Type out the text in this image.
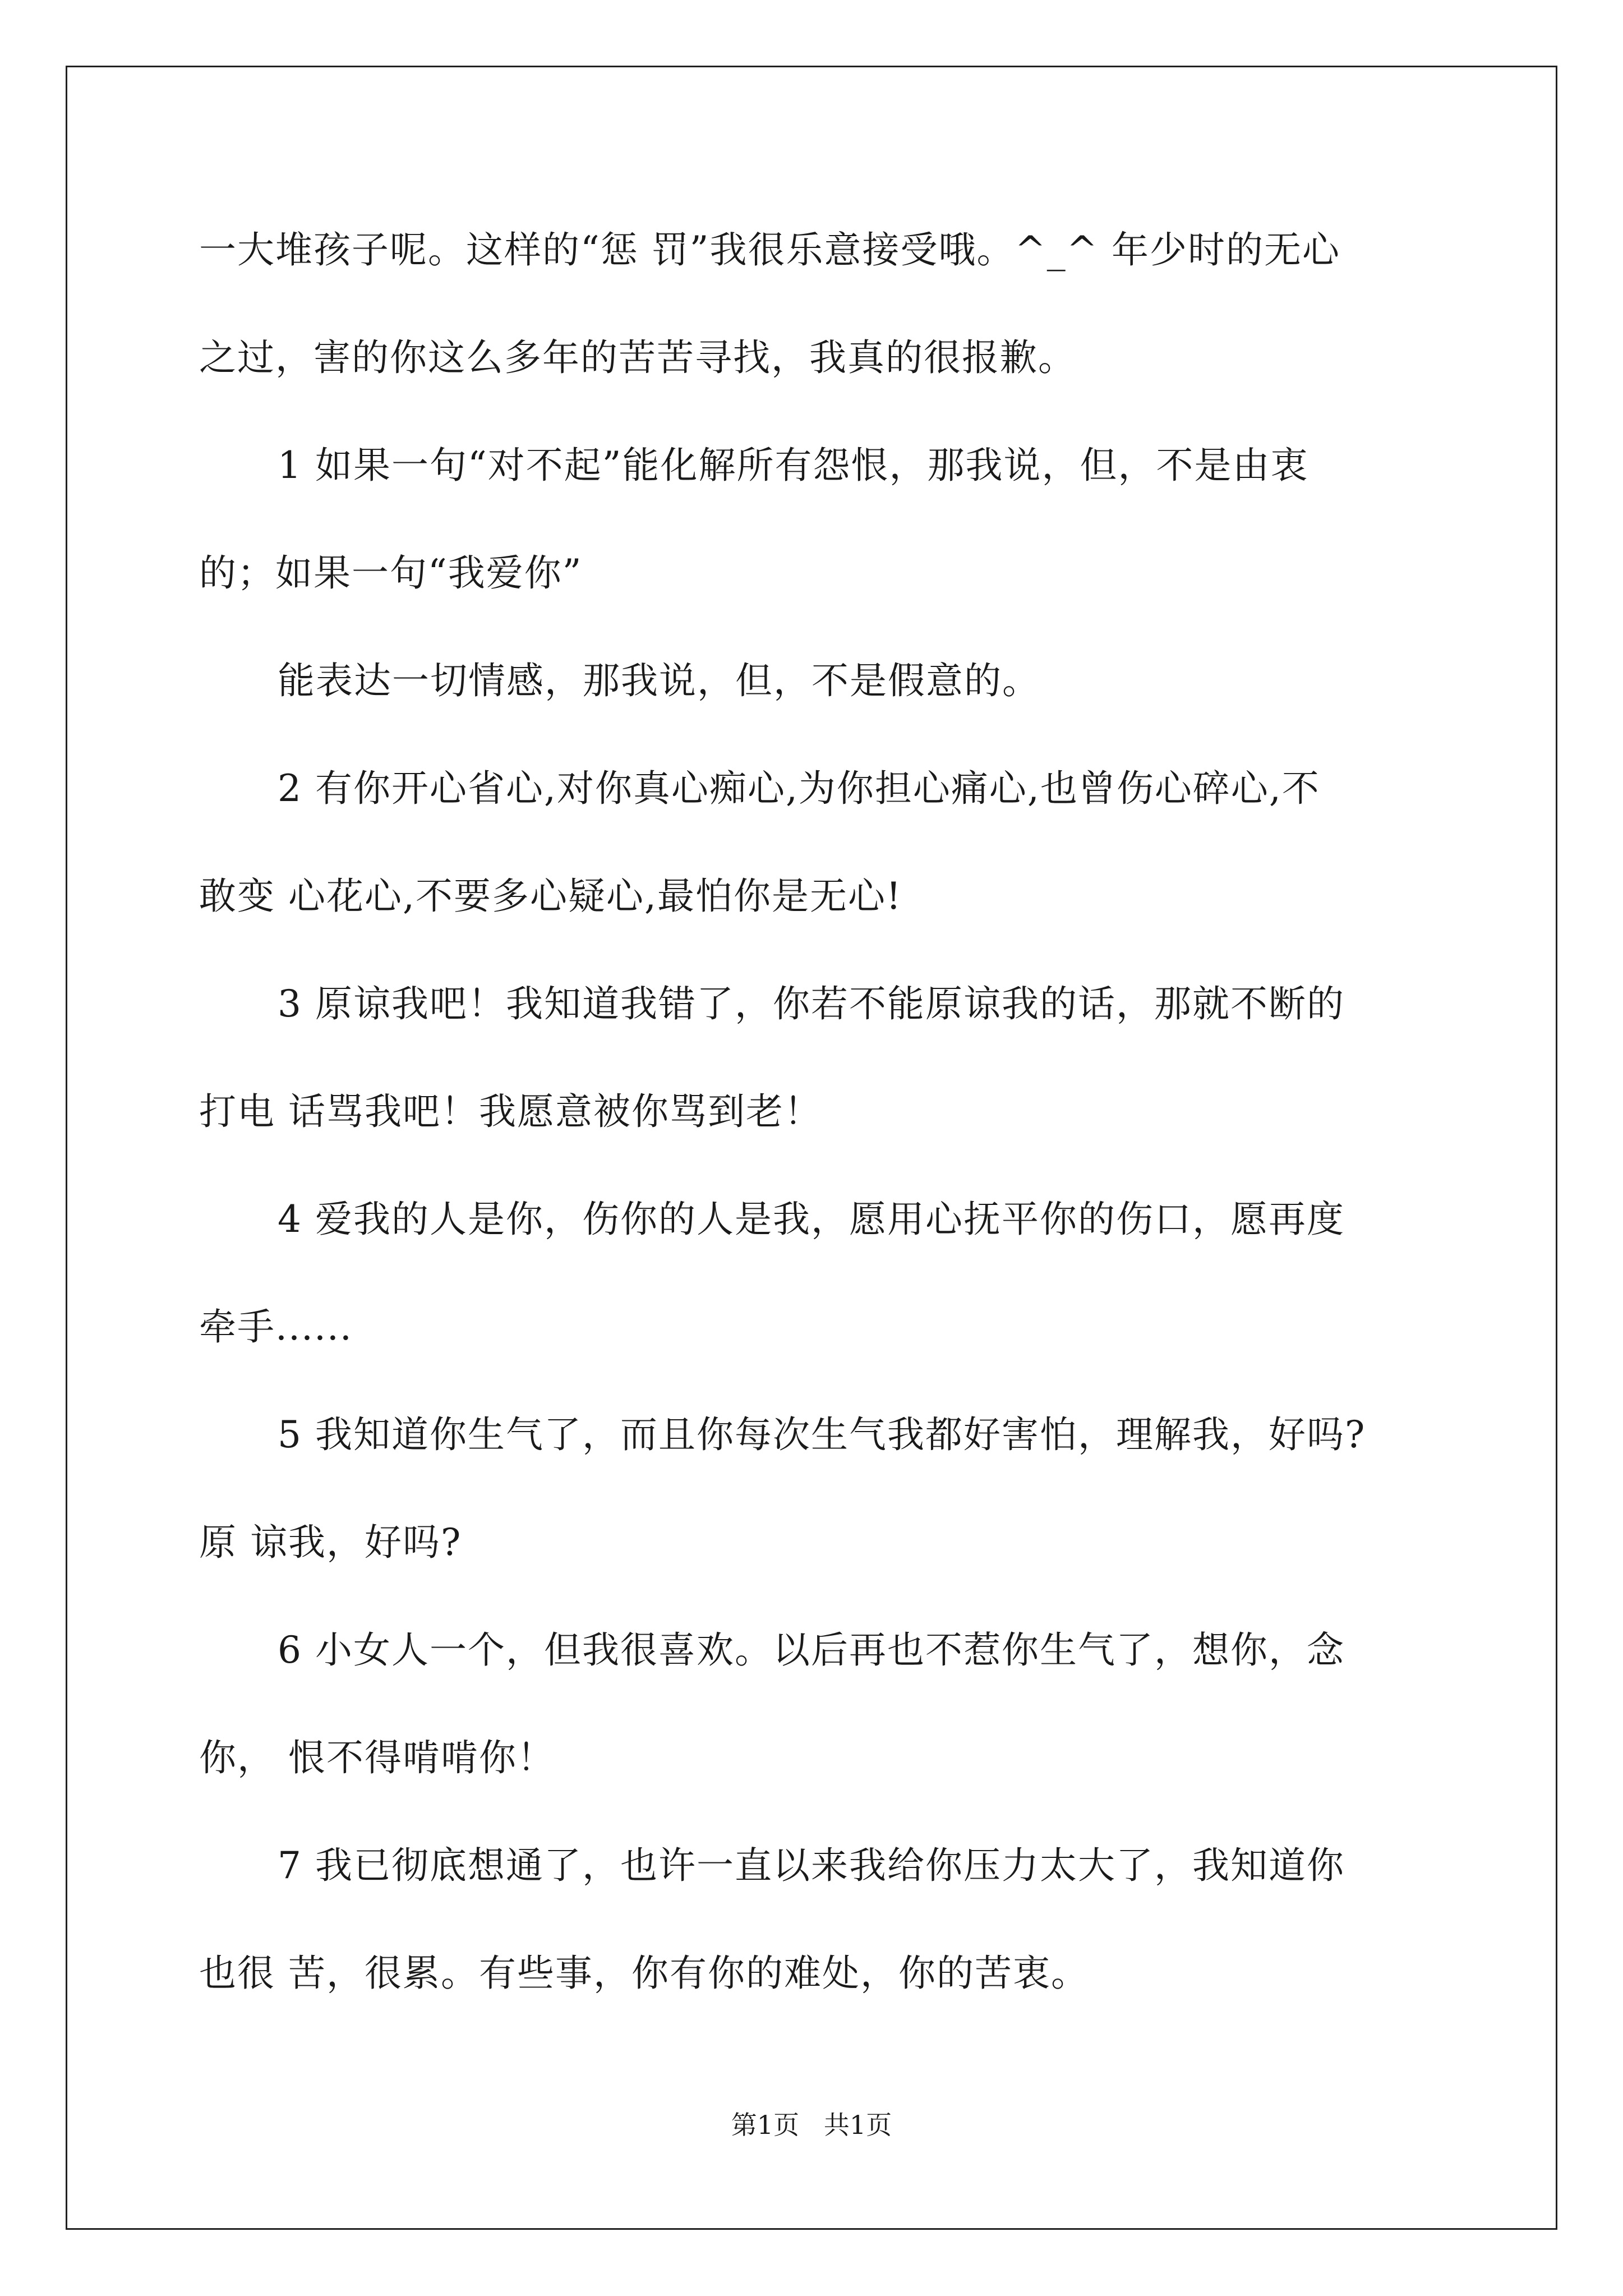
一大堆孩子呢。这样的“惩 罚”我很乐意接受哦。^_^ 年少时的无心
之过，害的你这么多年的苦苦寻找，我真的很报歉。
1 如果一句“对不起”能化解所有怨恨，那我说，但，不是由衷
的；如果一句“我爱你”
能表达一切情感，那我说，但，不是假意的。
2 有你开心省心,对你真心痴心,为你担心痛心,也曾伤心碎心,不
敢变 心花心,不要多心疑心,最怕你是无心!
3 原谅我吧！我知道我错了，你若不能原谅我的话，那就不断的
打电 话骂我吧！我愿意被你骂到老！
4 爱我的人是你，伤你的人是我，愿用心抚平你的伤口，愿再度
牵手......
5 我知道你生气了，而且你每次生气我都好害怕，理解我，好吗?
原 谅我，好吗?
6 小女人一个，但我很喜欢。以后再也不惹你生气了，想你，念
你， 恨不得啃啃你！
7 我已彻底想通了，也许一直以来我给你压力太大了，我知道你
也很 苦，很累。有些事，你有你的难处，你的苦衷。
第1页   共1页
